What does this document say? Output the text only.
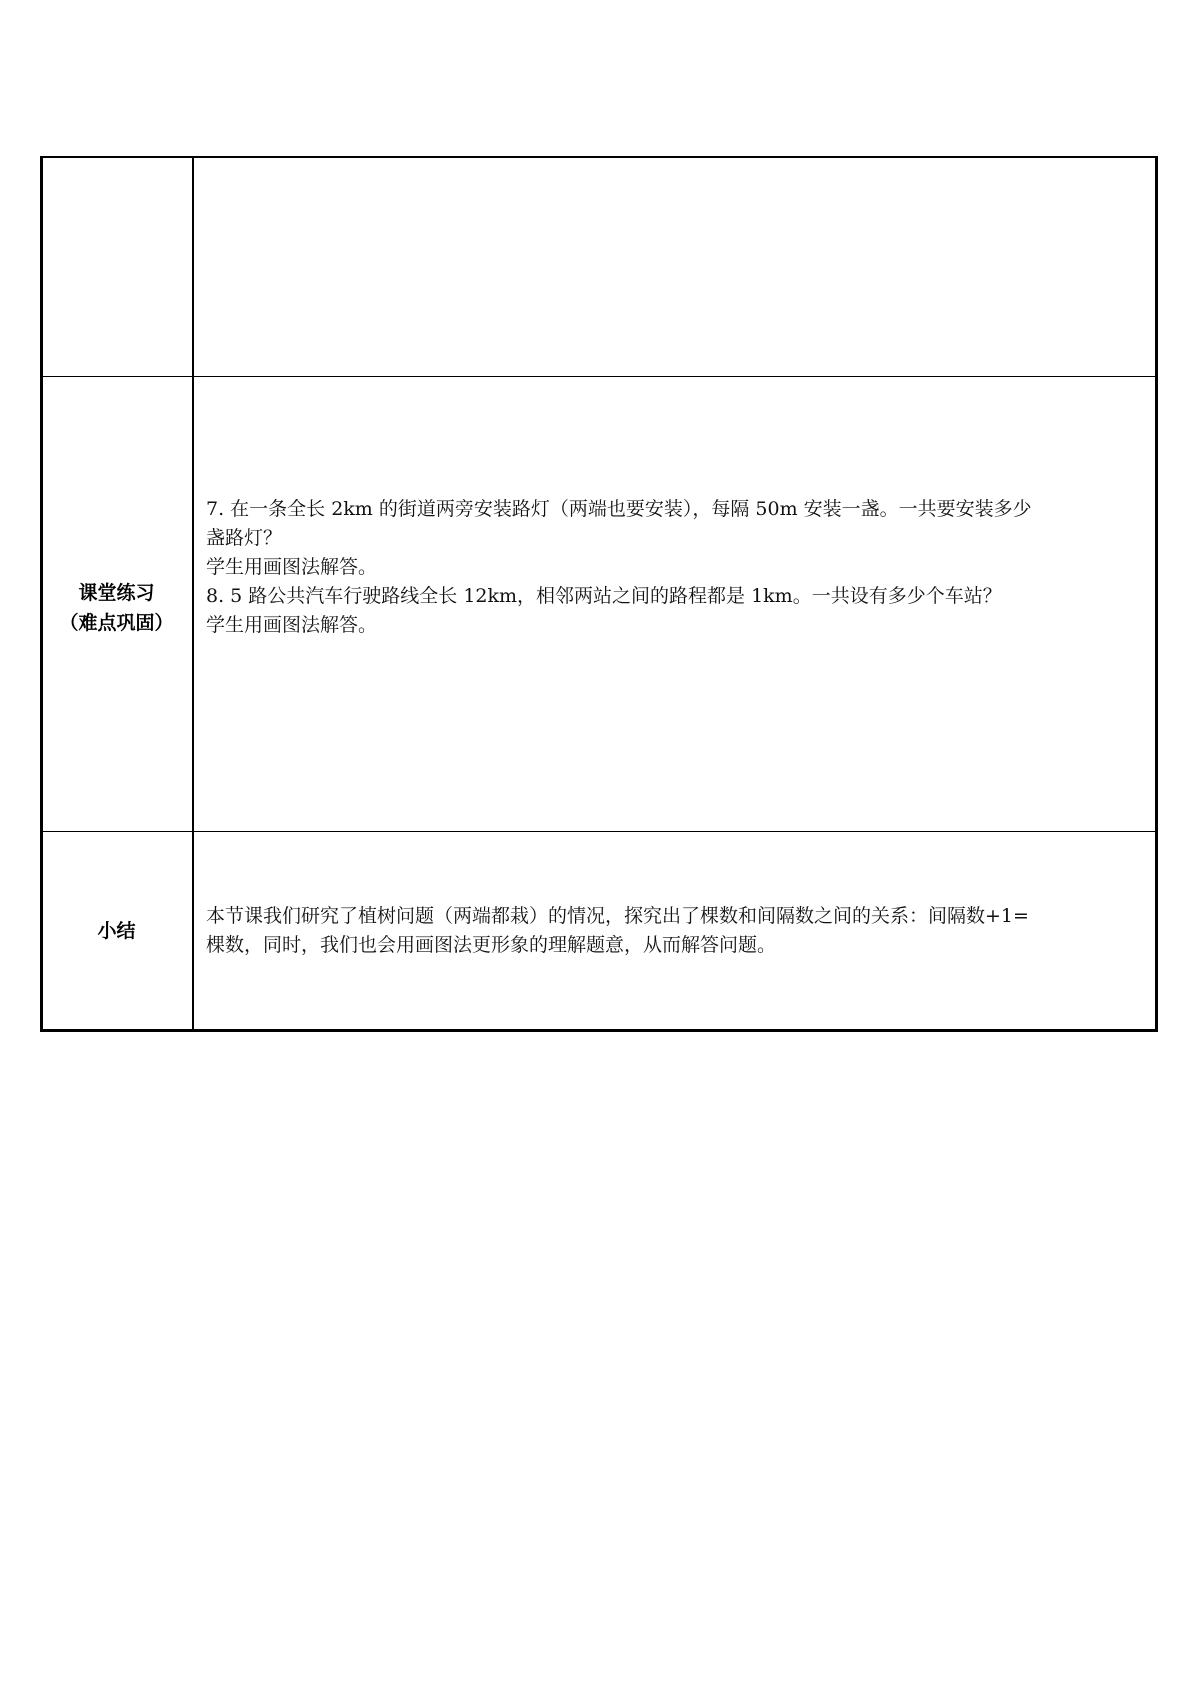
课堂练习
（难点巩固）

7. 在一条全长 2km 的街道两旁安装路灯（两端也要安装），每隔 50m 安装一盏。一共要安装多少

盏路灯？

学生用画图法解答。

8. 5 路公共汽车行驶路线全长 12km，相邻两站之间的路程都是 1km。一共设有多少个车站？

学生用画图法解答。

小结

本节课我们研究了植树问题（两端都栽）的情况，探究出了棵数和间隔数之间的关系：间隔数+1=

棵数，同时，我们也会用画图法更形象的理解题意，从而解答问题。
